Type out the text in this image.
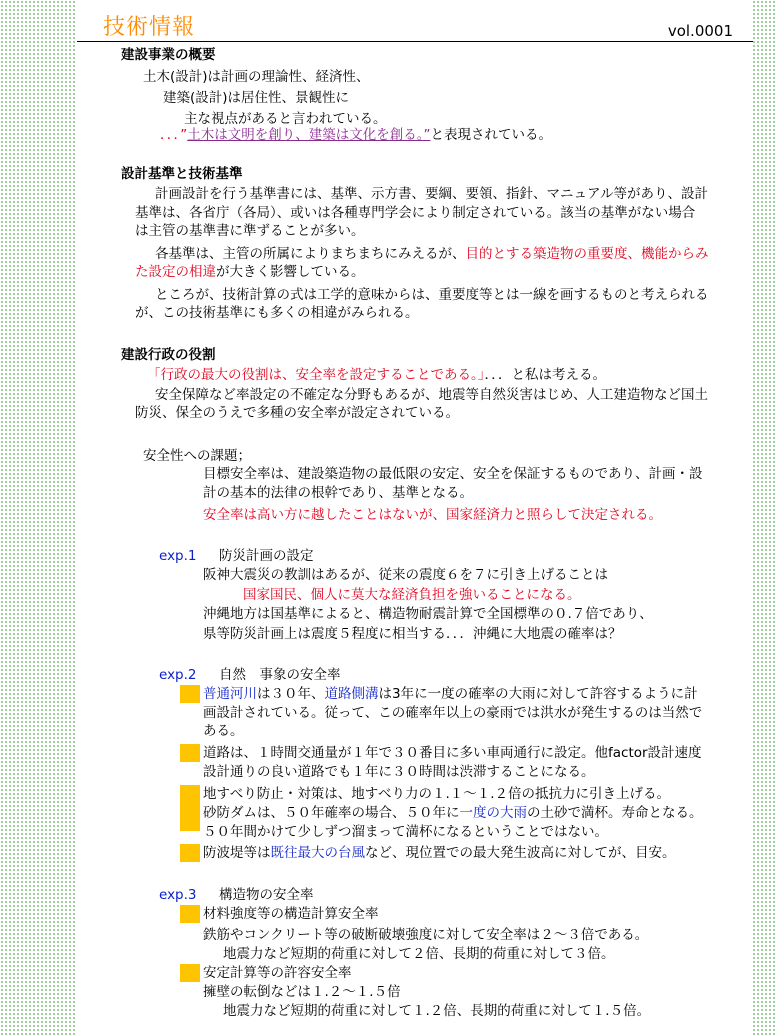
技術情報	vol.0001
建設事業の概要
土木(設計)は計画の理論性、経済性、
建築(設計)は居住性、景観性に
主な視点があると言われている。
．．．”土木は文明を創り、建築は文化を創る。”と表現されている。
設計基準と技術基準
計画設計を行う基準書には、基準、示方書、要綱、要領、指針、マニュアル等があり、設計
基準は、各省庁（各局）、或いは各種専門学会により制定されている。該当の基準がない場合
は主管の基準書に準ずることが多い。
各基準は、主管の所属によりまちまちにみえるが、目的とする築造物の重要度、機能からみ
た設定の相違が大きく影響している。
ところが、技術計算の式は工学的意味からは、重要度等とは一線を画するものと考えられる
が、この技術基準にも多くの相違がみられる。
建設行政の役割
「行政の最大の役割は、安全率を設定することである。」．．．と私は考える。
安全保障など率設定の不確定な分野もあるが、地震等自然災害はじめ、人工建造物など国土
防災、保全のうえで多種の安全率が設定されている。
安全性への課題；
目標安全率は、建設築造物の最低限の安定、安全を保証するものであり、計画・設
計の基本的法律の根幹であり、基準となる。
安全率は高い方に越したことはないが、国家経済力と照らして決定される。
exp.1 防災計画の設定
阪神大震災の教訓はあるが、従来の震度６を７に引き上げることは
国家国民、個人に莫大な経済負担を強いることになる。
沖縄地方は国基準によると、構造物耐震計算で全国標準の０.７倍であり、
県等防災計画上は震度５程度に相当する．．．沖縄に大地震の確率は？
exp.2 自然　事象の安全率
普通河川は３０年、道路側溝は3年に一度の確率の大雨に対して許容するように計
画設計されている。従って、この確率年以上の豪雨では洪水が発生するのは当然で
ある。
道路は、１時間交通量が１年で３０番目に多い車両通行に設定。他factor設計速度
設計通りの良い道路でも１年に３０時間は渋滞することになる。
地すべり防止・対策は、地すべり力の１.１～１.２倍の抵抗力に引き上げる。
砂防ダムは、５０年確率の場合、５０年に一度の大雨の土砂で満杯。寿命となる。
５０年間かけて少しずつ溜まって満杯になるということではない。
防波堤等は既往最大の台風など、現位置での最大発生波高に対してが、目安。
exp.3 構造物の安全率
材料強度等の構造計算安全率
鉄筋やコンクリート等の破断破壊強度に対して安全率は２～３倍である。
地震力など短期的荷重に対して２倍、長期的荷重に対して３倍。
安定計算等の許容安全率
擁壁の転倒などは１.２～１.５倍
地震力など短期的荷重に対して１.２倍、長期的荷重に対して１.５倍。
